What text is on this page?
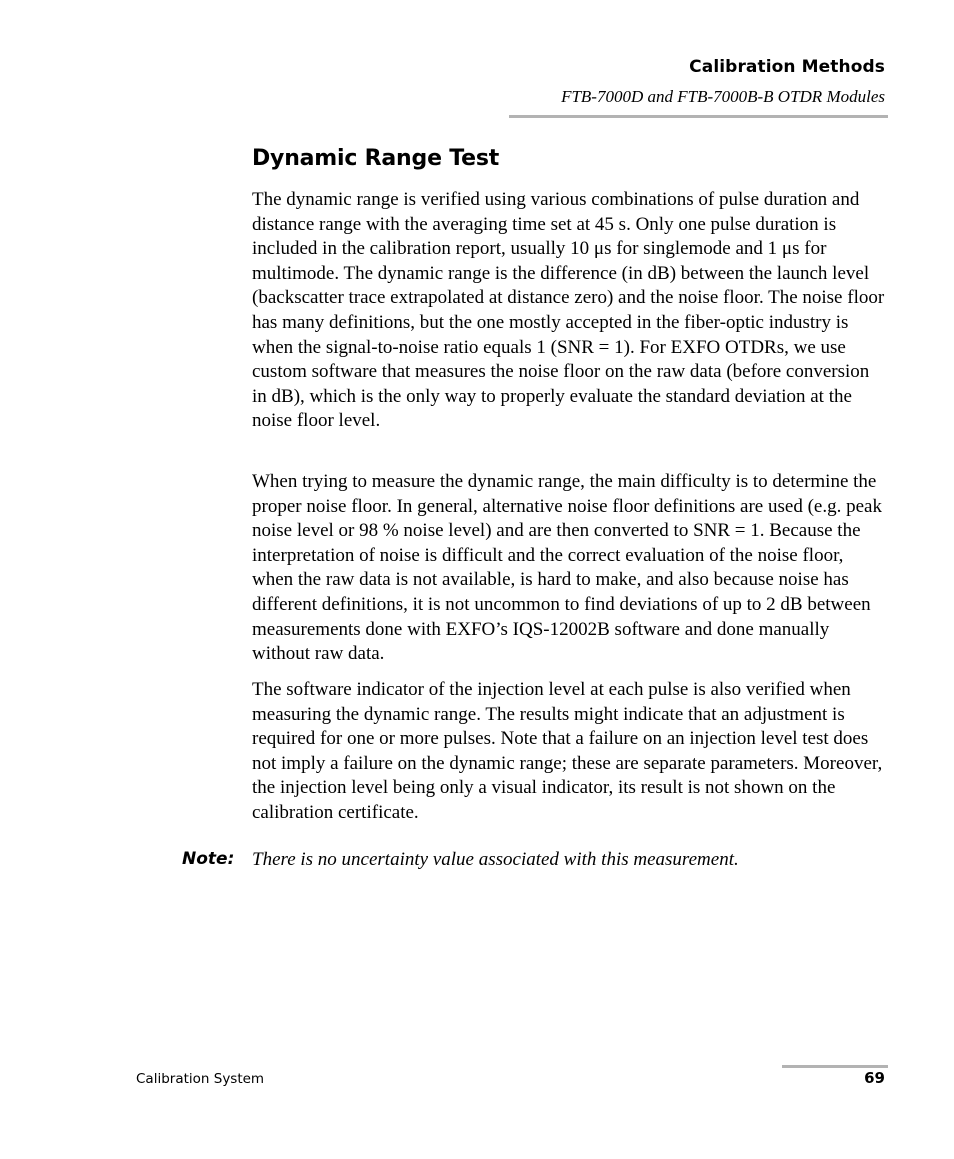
Calibration Methods
FTB-7000D and FTB-7000B-B OTDR Modules
Dynamic Range Test

The dynamic range is verified using various combinations of pulse duration and distance range with the averaging time set at 45 s. Only one pulse duration is included in the calibration report, usually 10 μs for singlemode and 1 μs for multimode. The dynamic range is the difference (in dB) between the launch level (backscatter trace extrapolated at distance zero) and the noise floor. The noise floor has many definitions, but the one mostly accepted in the fiber-optic industry is when the signal-to-noise ratio equals 1 (SNR = 1). For EXFO OTDRs, we use custom software that measures the noise floor on the raw data (before conversion in dB), which is the only way to properly evaluate the standard deviation at the noise floor level.

When trying to measure the dynamic range, the main difficulty is to determine the proper noise floor. In general, alternative noise floor definitions are used (e.g. peak noise level or 98 % noise level) and are then converted to SNR = 1. Because the interpretation of noise is difficult and the correct evaluation of the noise floor, when the raw data is not available, is hard to make, and also because noise has different definitions, it is not uncommon to find deviations of up to 2 dB between measurements done with EXFO’s IQS-12002B software and done manually without raw data.

The software indicator of the injection level at each pulse is also verified when measuring the dynamic range. The results might indicate that an adjustment is required for one or more pulses. Note that a failure on an injection level test does not imply a failure on the dynamic range; these are separate parameters. Moreover, the injection level being only a visual indicator, its result is not shown on the calibration certificate.

Note: There is no uncertainty value associated with this measurement.
Calibration System	69
